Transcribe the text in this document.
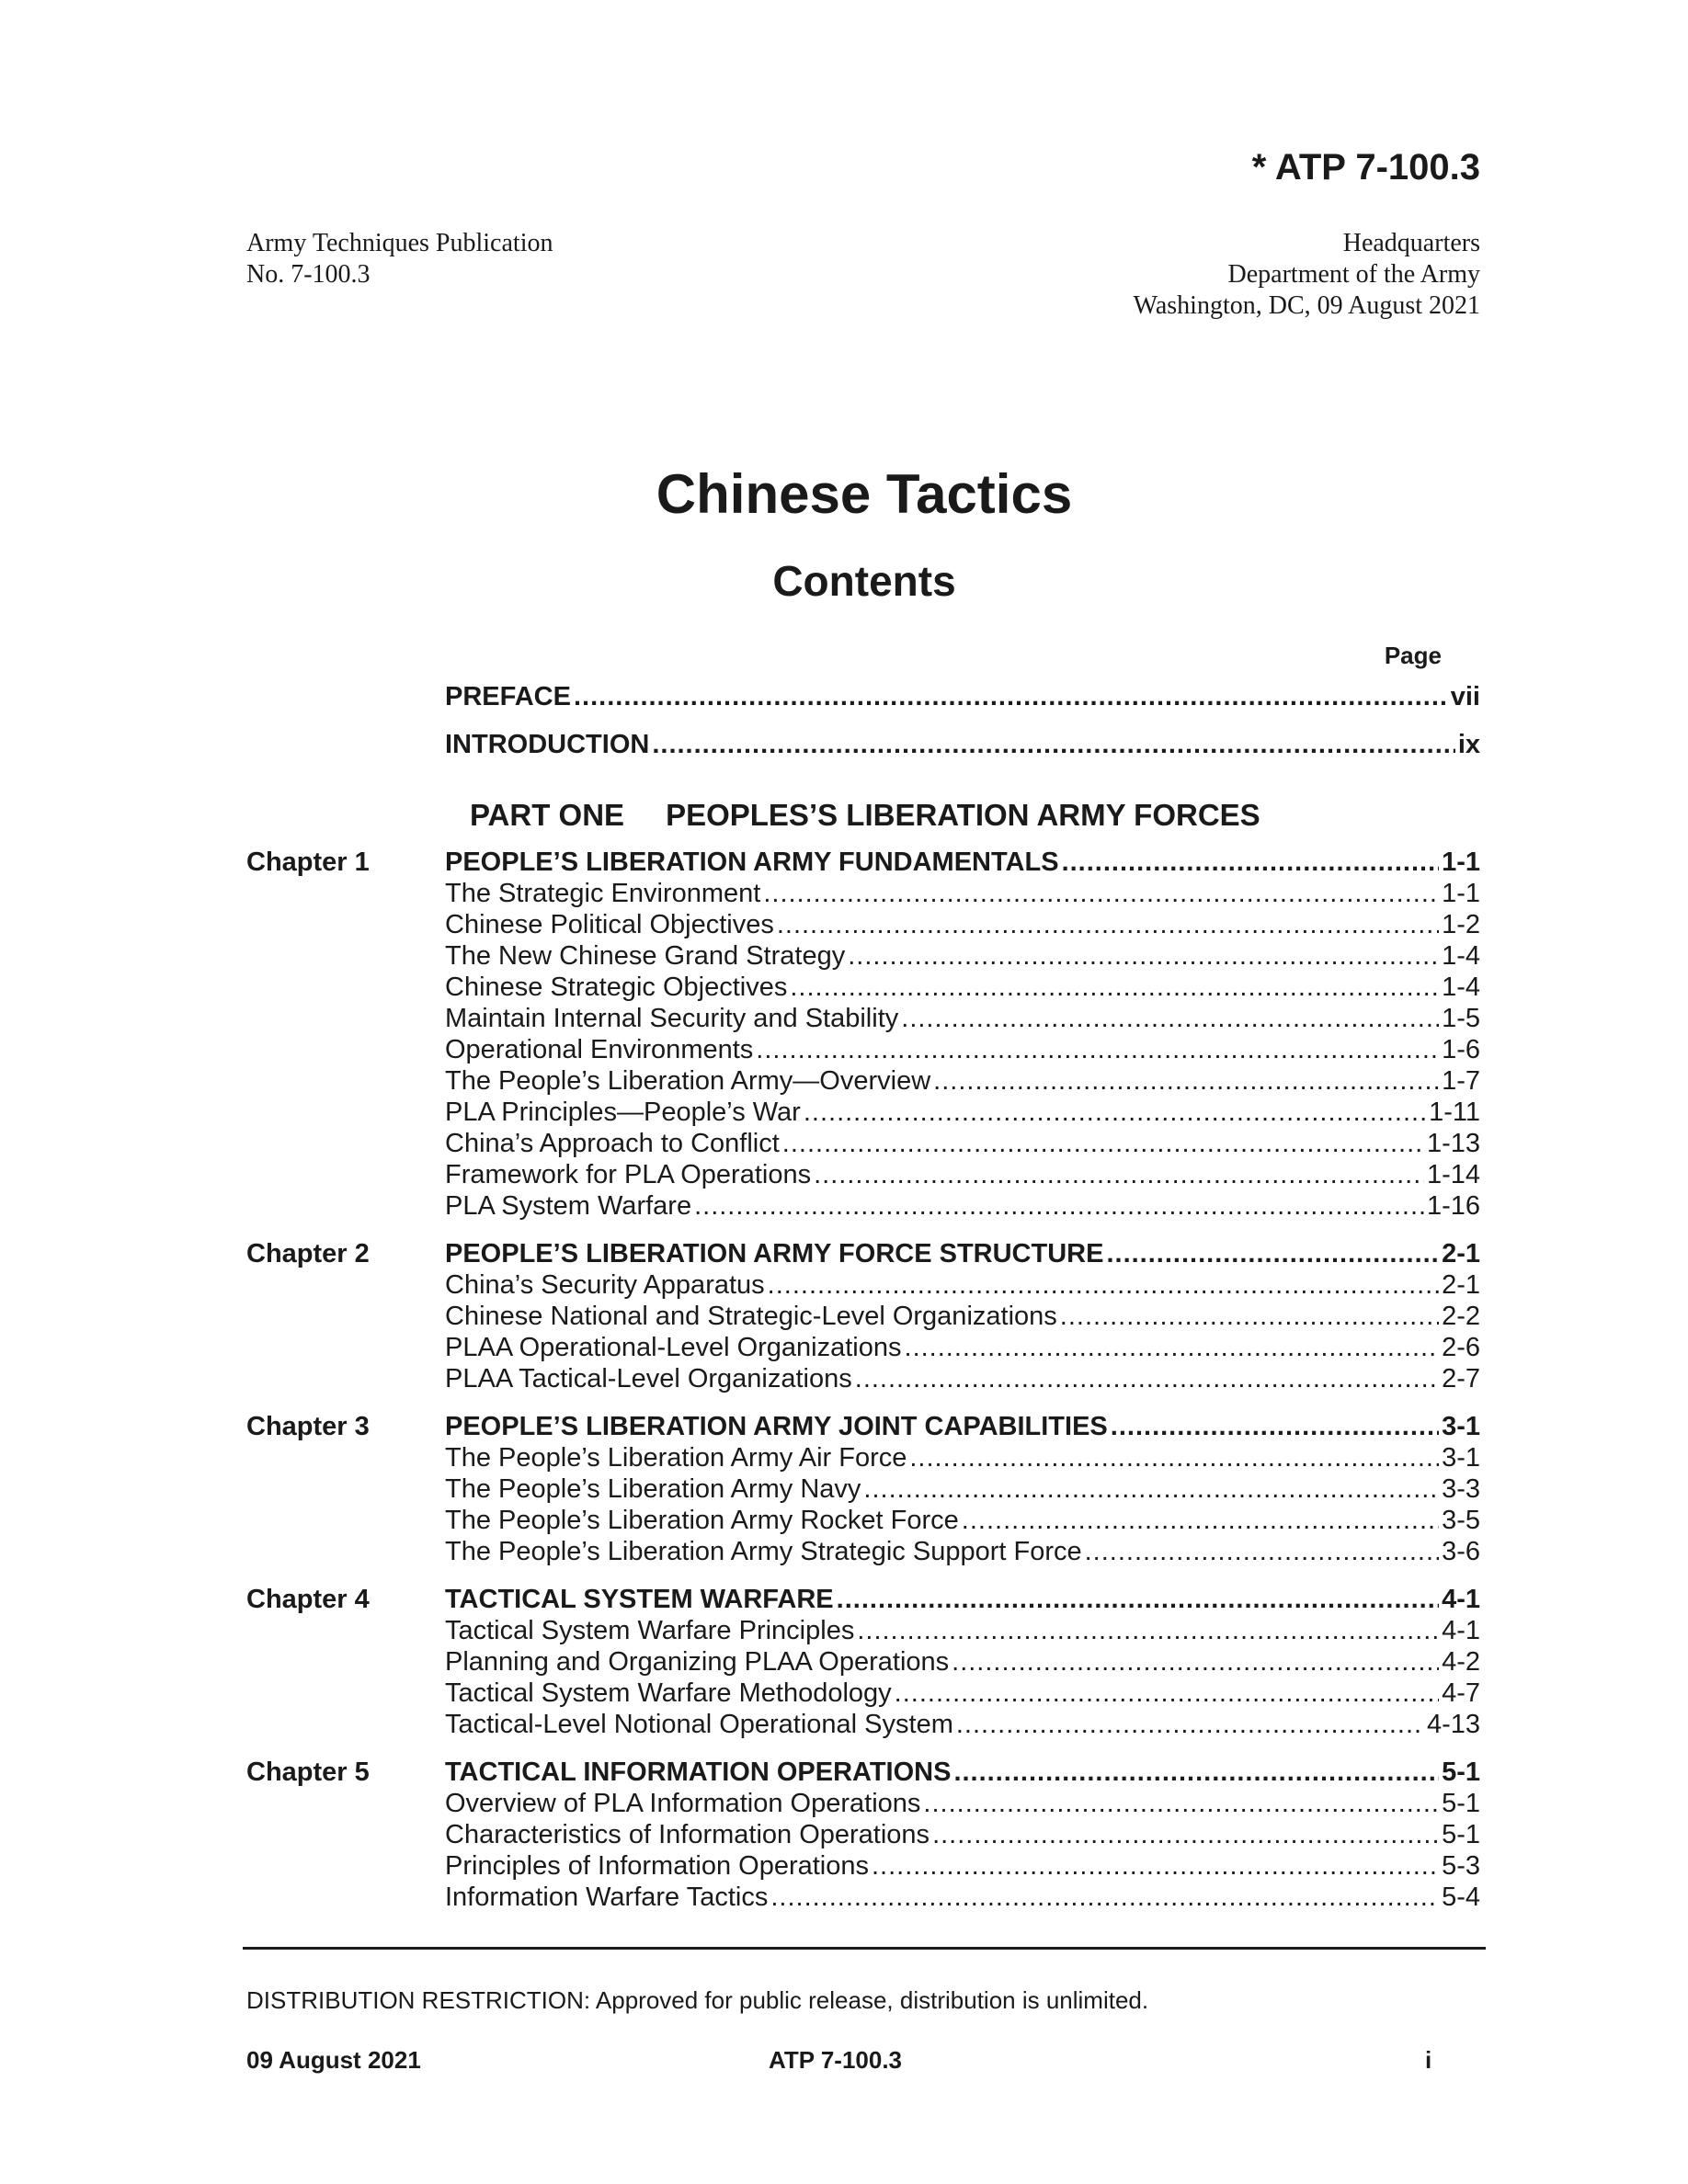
* ATP 7-100.3
Army Techniques Publication
No. 7-100.3
Headquarters
Department of the Army
Washington, DC, 09 August 2021
Chinese Tactics
Contents
Page
PREFACE .....	vii
INTRODUCTION .....	ix
PART ONE PEOPLES’S LIBERATION ARMY FORCES
Chapter 1	PEOPLE’S LIBERATION ARMY FUNDAMENTALS .....	1-1
The Strategic Environment .....	1-1
Chinese Political Objectives .....	1-2
The New Chinese Grand Strategy .....	1-4
Chinese Strategic Objectives .....	1-4
Maintain Internal Security and Stability .....	1-5
Operational Environments .....	1-6
The People’s Liberation Army—Overview .....	1-7
PLA Principles—People’s War .....	1-11
China’s Approach to Conflict .....	1-13
Framework for PLA Operations .....	1-14
PLA System Warfare .....	1-16
Chapter 2	PEOPLE’S LIBERATION ARMY FORCE STRUCTURE .....	2-1
China’s Security Apparatus .....	2-1
Chinese National and Strategic-Level Organizations .....	2-2
PLAA Operational-Level Organizations .....	2-6
PLAA Tactical-Level Organizations .....	2-7
Chapter 3	PEOPLE’S LIBERATION ARMY JOINT CAPABILITIES .....	3-1
The People’s Liberation Army Air Force .....	3-1
The People’s Liberation Army Navy .....	3-3
The People’s Liberation Army Rocket Force .....	3-5
The People’s Liberation Army Strategic Support Force .....	3-6
Chapter 4	TACTICAL SYSTEM WARFARE .....	4-1
Tactical System Warfare Principles .....	4-1
Planning and Organizing PLAA Operations .....	4-2
Tactical System Warfare Methodology .....	4-7
Tactical-Level Notional Operational System .....	4-13
Chapter 5	TACTICAL INFORMATION OPERATIONS .....	5-1
Overview of PLA Information Operations .....	5-1
Characteristics of Information Operations .....	5-1
Principles of Information Operations .....	5-3
Information Warfare Tactics .....	5-4
DISTRIBUTION RESTRICTION: Approved for public release, distribution is unlimited.
09 August 2021	ATP 7-100.3	i
